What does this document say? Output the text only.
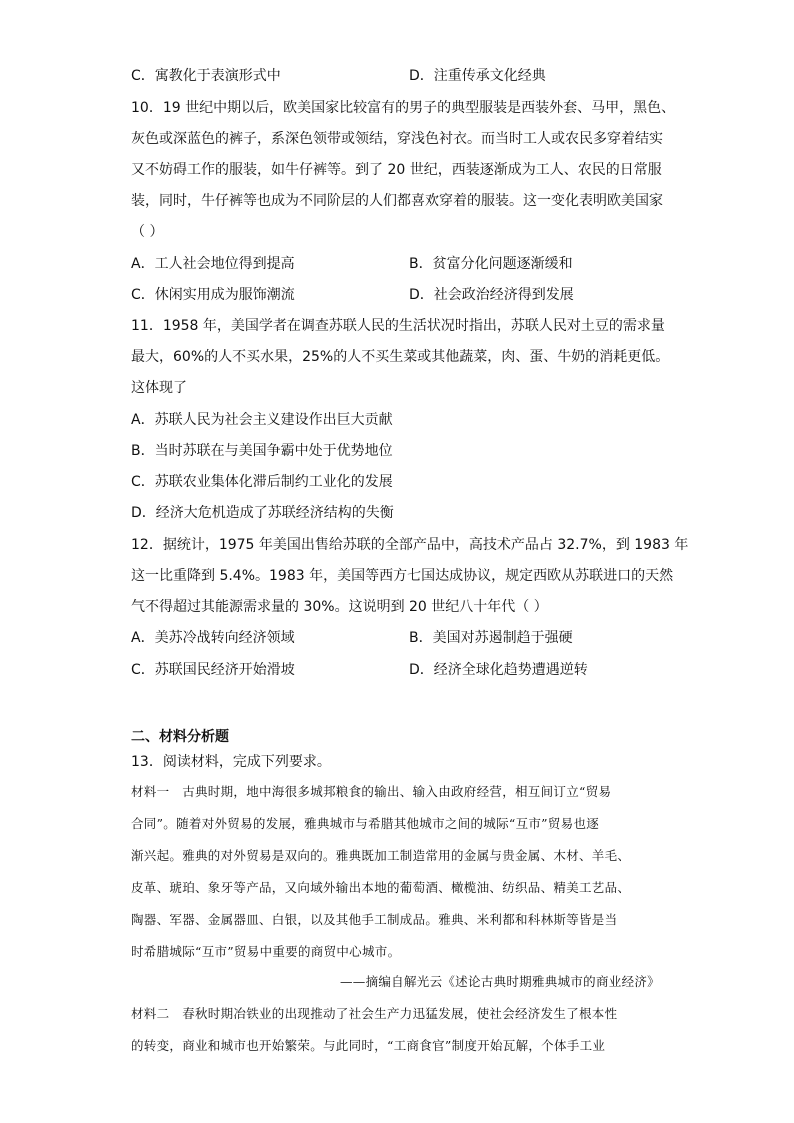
C．寓教化于表演形式中	D．注重传承文化经典
10．19 世纪中期以后，欧美国家比较富有的男子的典型服装是西装外套、马甲，黑色、
灰色或深蓝色的裤子，系深色领带或领结，穿浅色衬衣。而当时工人或农民多穿着结实
又不妨碍工作的服装，如牛仔裤等。到了 20 世纪，西装逐渐成为工人、农民的日常服
装，同时，牛仔裤等也成为不同阶层的人们都喜欢穿着的服装。这一变化表明欧美国家
（ ）
A．工人社会地位得到提高	B．贫富分化问题逐渐缓和
C．休闲实用成为服饰潮流	D．社会政治经济得到发展
11．1958 年，美国学者在调查苏联人民的生活状况时指出，苏联人民对土豆的需求量
最大，60%的人不买水果，25%的人不买生菜或其他蔬菜，肉、蛋、牛奶的消耗更低。
这体现了
A．苏联人民为社会主义建设作出巨大贡献
B．当时苏联在与美国争霸中处于优势地位
C．苏联农业集体化滞后制约工业化的发展
D．经济大危机造成了苏联经济结构的失衡
12．据统计，1975 年美国出售给苏联的全部产品中，高技术产品占 32.7%，到 1983 年
这一比重降到 5.4%。1983 年，美国等西方七国达成协议，规定西欧从苏联进口的天然
气不得超过其能源需求量的 30%。这说明到 20 世纪八十年代（ ）
A．美苏冷战转向经济领域	B．美国对苏遏制趋于强硬
C．苏联国民经济开始滑坡	D．经济全球化趋势遭遇逆转
二、材料分析题
13．阅读材料，完成下列要求。
材料一　古典时期，地中海很多城邦粮食的输出、输入由政府经营，相互间订立“贸易
合同”。随着对外贸易的发展，雅典城市与希腊其他城市之间的城际“互市”贸易也逐
渐兴起。雅典的对外贸易是双向的。雅典既加工制造常用的金属与贵金属、木材、羊毛、
皮革、琥珀、象牙等产品，又向域外输出本地的葡萄酒、橄榄油、纺织品、精美工艺品、
陶器、军器、金属器皿、白银，以及其他手工制成品。雅典、米利都和科林斯等皆是当
时希腊城际“互市”贸易中重要的商贸中心城市。
——摘编自解光云《述论古典时期雅典城市的商业经济》
材料二　春秋时期冶铁业的出现推动了社会生产力迅猛发展，使社会经济发生了根本性
的转变，商业和城市也开始繁荣。与此同时，“工商食官”制度开始瓦解，个体手工业
